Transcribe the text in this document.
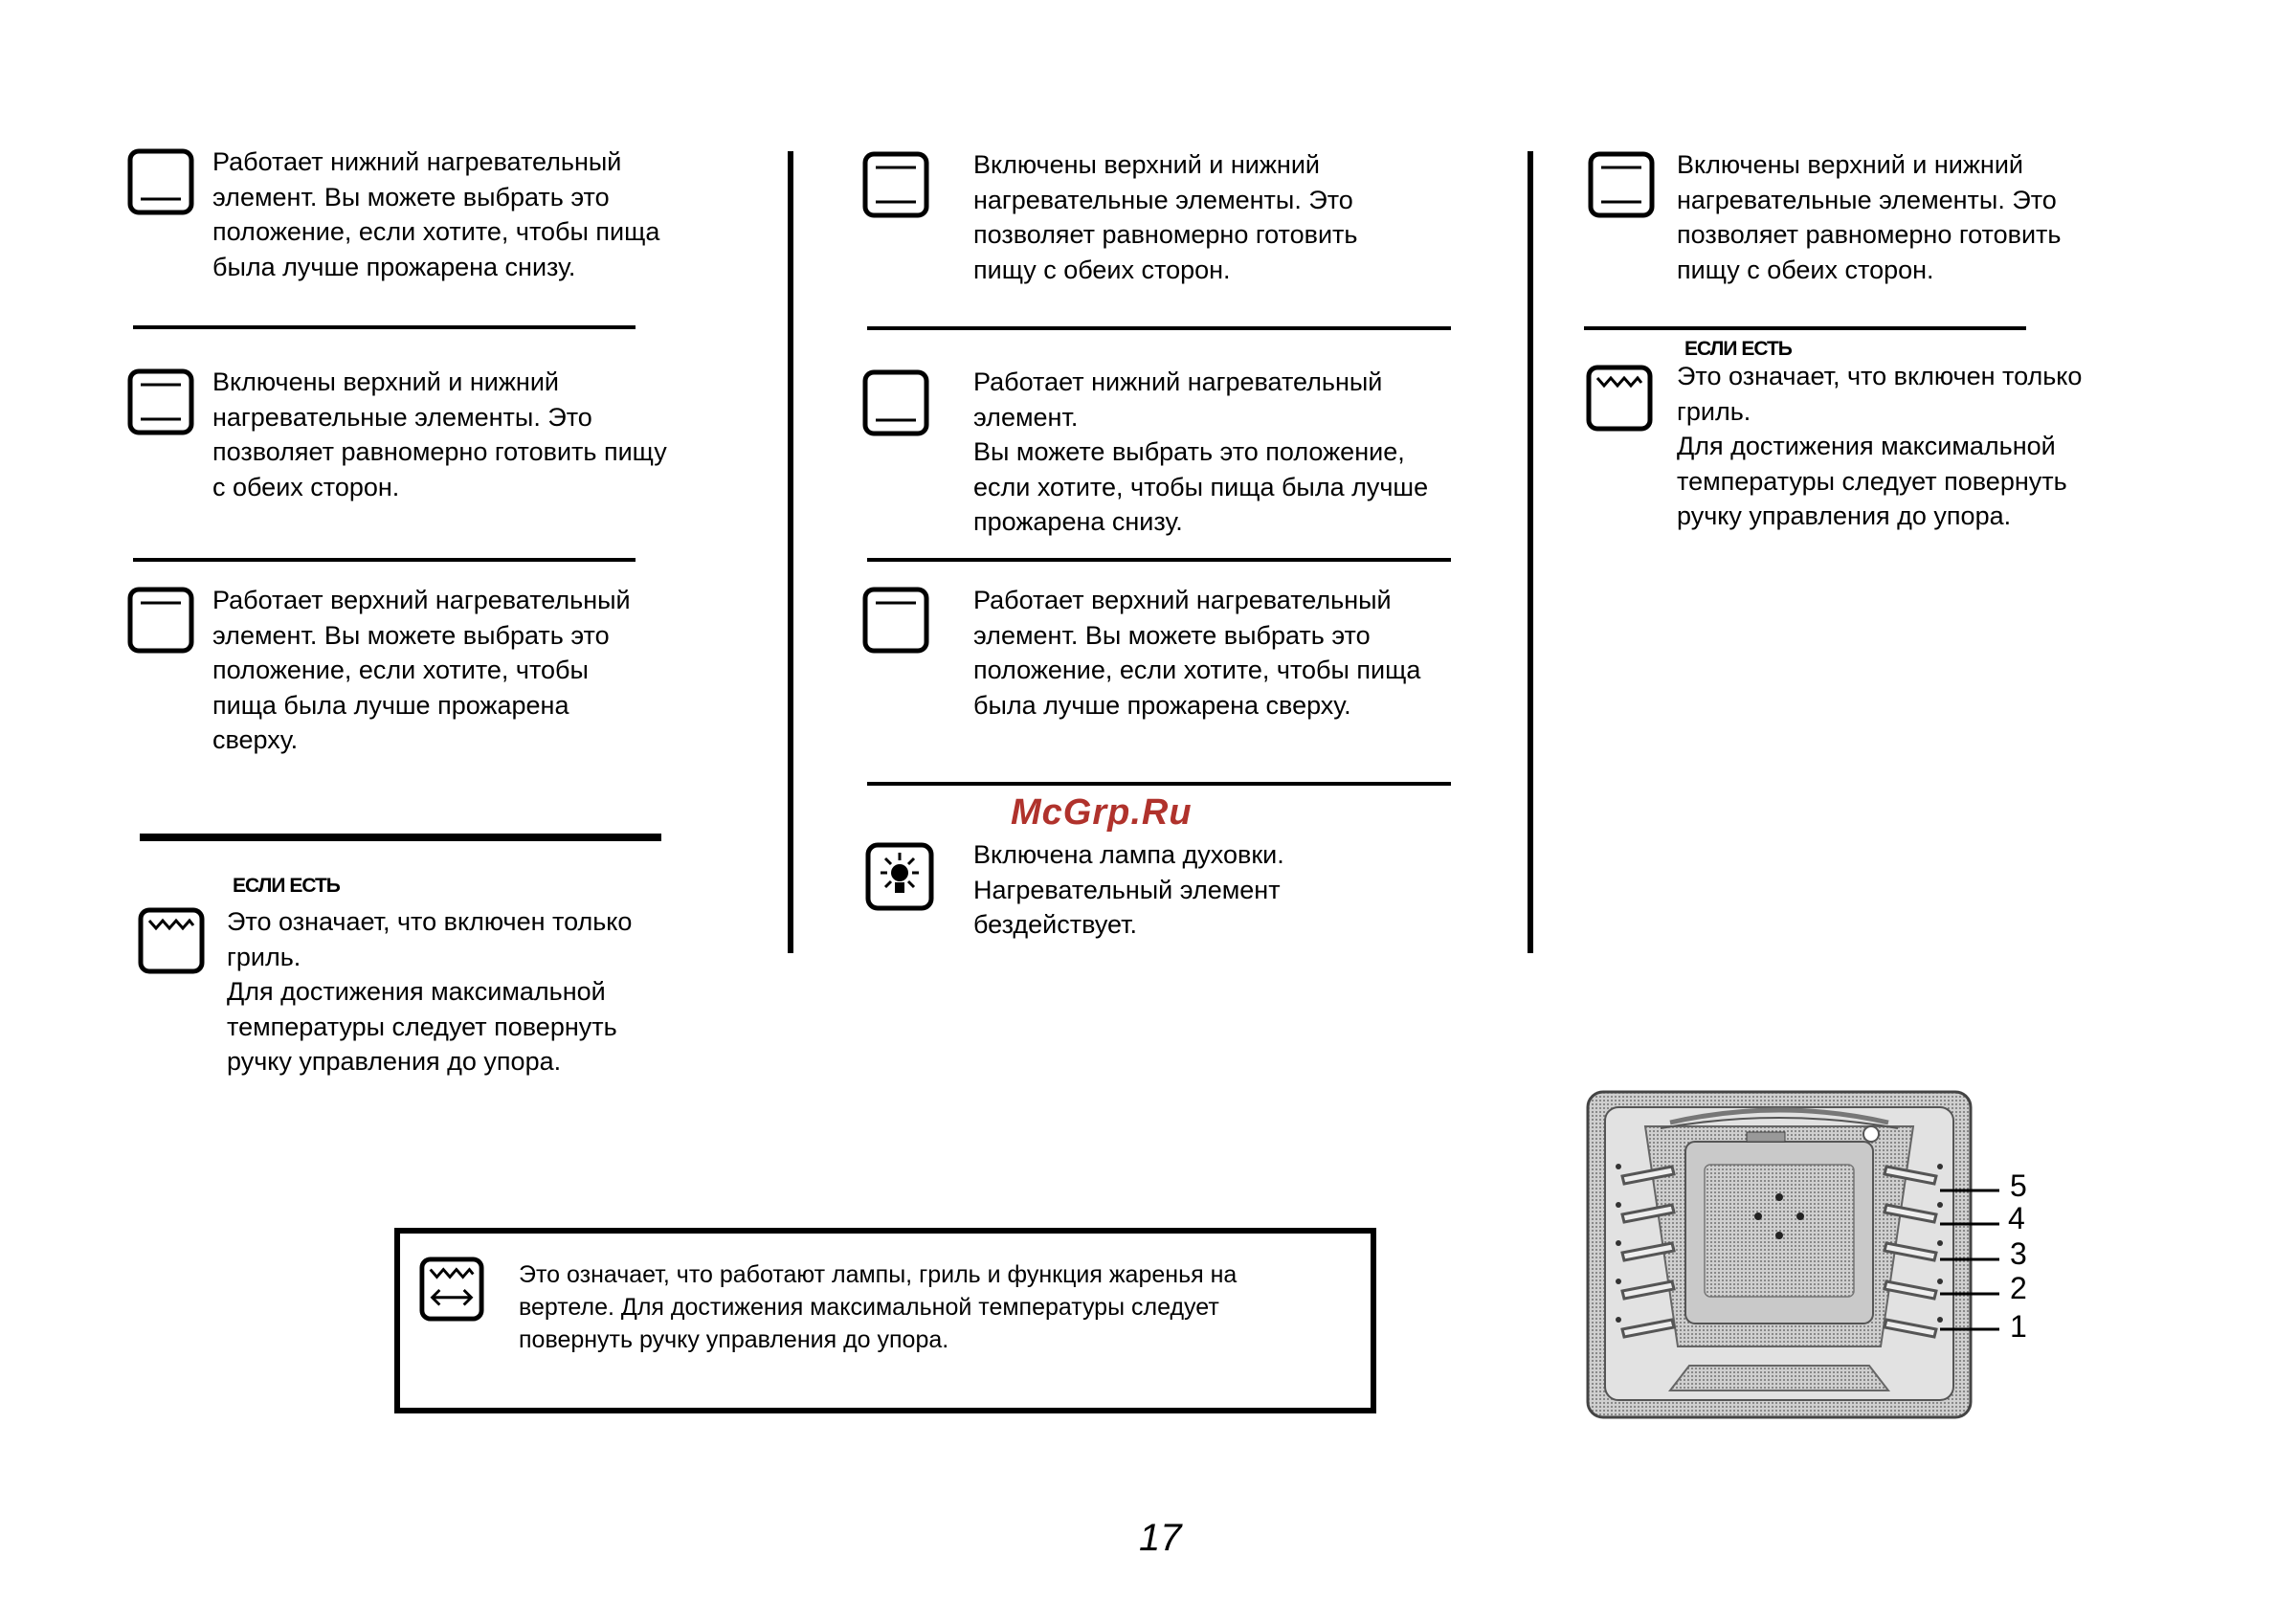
Работает нижний нагревательный
элемент. Вы можете выбрать это
положение, если хотите, чтобы пища
была лучше прожарена снизу.
Включены верхний и нижний
нагревательные элементы. Это
позволяет равномерно готовить пищу
с обеих сторон.
Работает верхний нагревательный
элемент. Вы можете выбрать это
положение, если хотите, чтобы
пища была лучше прожарена
сверху.
ЕСЛИ ЕСТЬ
Это означает, что включен только
гриль.
Для достижения максимальной
температуры следует повернуть
ручку управления до упора.
Включены верхний и нижний
нагревательные элементы. Это
позволяет равномерно готовить
пищу с обеих сторон.
Работает нижний нагревательный
элемент.
Вы можете выбрать это положение,
если хотите, чтобы пища была лучше
прожарена снизу.
Работает верхний нагревательный
элемент. Вы можете выбрать это
положение, если хотите, чтобы пища
была лучше прожарена сверху.
McGrp.Ru
Включена лампа духовки.
Нагревательный элемент
бездействует.
Включены верхний и нижний
нагревательные элементы. Это
позволяет равномерно готовить
пищу с обеих сторон.
ЕСЛИ ЕСТЬ
Это означает, что включен только
гриль.
Для достижения максимальной
температуры следует повернуть
ручку управления до упора.
Это означает, что работают лампы, гриль и функция жаренья на
вертеле. Для достижения максимальной температуры следует
повернуть ручку управления до упора.
5
4
3
2
1
17
